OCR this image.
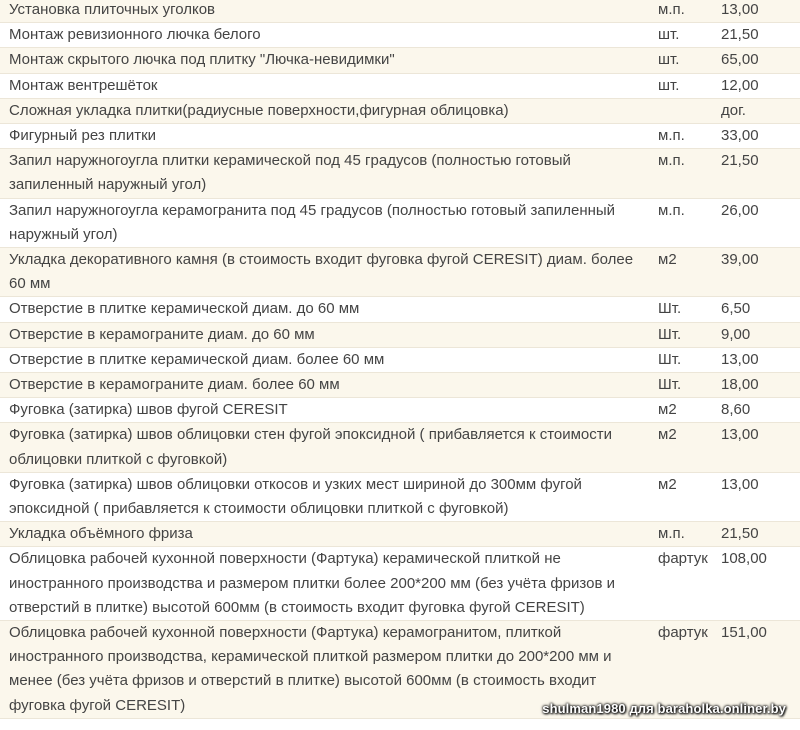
Установка плиточных уголков	м.п.	13,00
Монтаж ревизионного лючка белого	шт.	21,50
Монтаж скрытого лючка под плитку "Лючка-невидимки"	шт.	65,00
Монтаж вентрешёток	шт.	12,00
Сложная укладка плитки(радиусные поверхности,фигурная облицовка)		дог.
Фигурный рез плитки	м.п.	33,00
Запил наружногоугла плитки керамической под 45 градусов (полностью готовый запиленный наружный угол)	м.п.	21,50
Запил наружногоугла керамогранита под 45 градусов (полностью готовый запиленный наружный угол)	м.п.	26,00
Укладка декоративного камня (в стоимость входит фуговка фугой CERESIT) диам. более 60 мм	м2	39,00
Отверстие в плитке керамической диам. до 60 мм	Шт.	6,50
Отверстие в керамограните диам. до 60 мм	Шт.	9,00
Отверстие в плитке керамической диам. более 60 мм	Шт.	13,00
Отверстие в керамограните диам. более 60 мм	Шт.	18,00
Фуговка (затирка) швов фугой CERESIT	м2	8,60
Фуговка (затирка) швов облицовки стен фугой эпоксидной ( прибавляется к стоимости облицовки плиткой с фуговкой)	м2	13,00
Фуговка (затирка) швов облицовки откосов и узких мест шириной до 300мм фугой эпоксидной ( прибавляется к стоимости облицовки плиткой с фуговкой)	м2	13,00
Укладка объёмного фриза	м.п.	21,50
Облицовка рабочей кухонной поверхности (Фартука) керамической плиткой не иностранного производства и размером плитки более 200*200 мм (без учёта фризов и отверстий в плитке) высотой 600мм (в стоимость входит фуговка фугой CERESIT)	фартук	108,00
Облицовка рабочей кухонной поверхности (Фартука) керамогранитом, плиткой иностранного производства, керамической плиткой размером плитки до 200*200 мм и менее (без учёта фризов и отверстий в плитке) высотой 600мм (в стоимость входит фуговка фугой CERESIT)	фартук	151,00
shulman1980 для baraholka.onliner.by
